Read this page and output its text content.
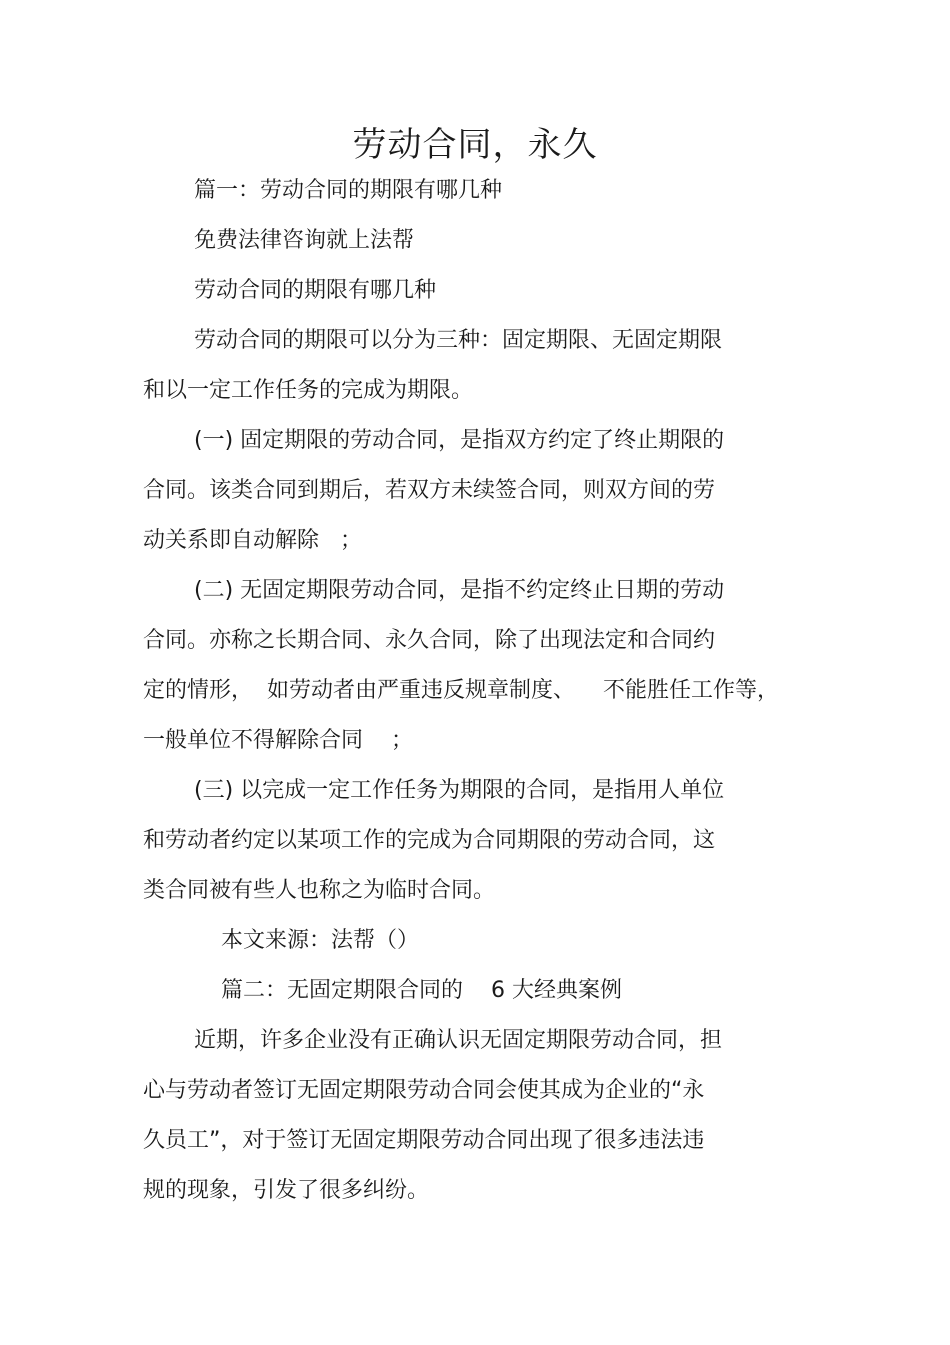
劳动合同，永久
篇一：劳动合同的期限有哪几种
免费法律咨询就上法帮
劳动合同的期限有哪几种
劳动合同的期限可以分为三种：固定期限、无固定期限
和以一定工作任务的完成为期限。
(一) 固定期限的劳动合同，是指双方约定了终止期限的
合同。该类合同到期后，若双方未续签合同，则双方间的劳
动关系即自动解除   ；
(二) 无固定期限劳动合同，是指不约定终止日期的劳动
合同。亦称之长期合同、永久合同，除了出现法定和合同约
定的情形，  如劳动者由严重违反规章制度、    不能胜任工作等，
一般单位不得解除合同    ；
(三) 以完成一定工作任务为期限的合同，是指用人单位
和劳动者约定以某项工作的完成为合同期限的劳动合同，这
类合同被有些人也称之为临时合同。
本文来源：法帮（）
篇二：无固定期限合同的    6 大经典案例
近期，许多企业没有正确认识无固定期限劳动合同，担
心与劳动者签订无固定期限劳动合同会使其成为企业的“永
久员工”，对于签订无固定期限劳动合同出现了很多违法违
规的现象，引发了很多纠纷。
